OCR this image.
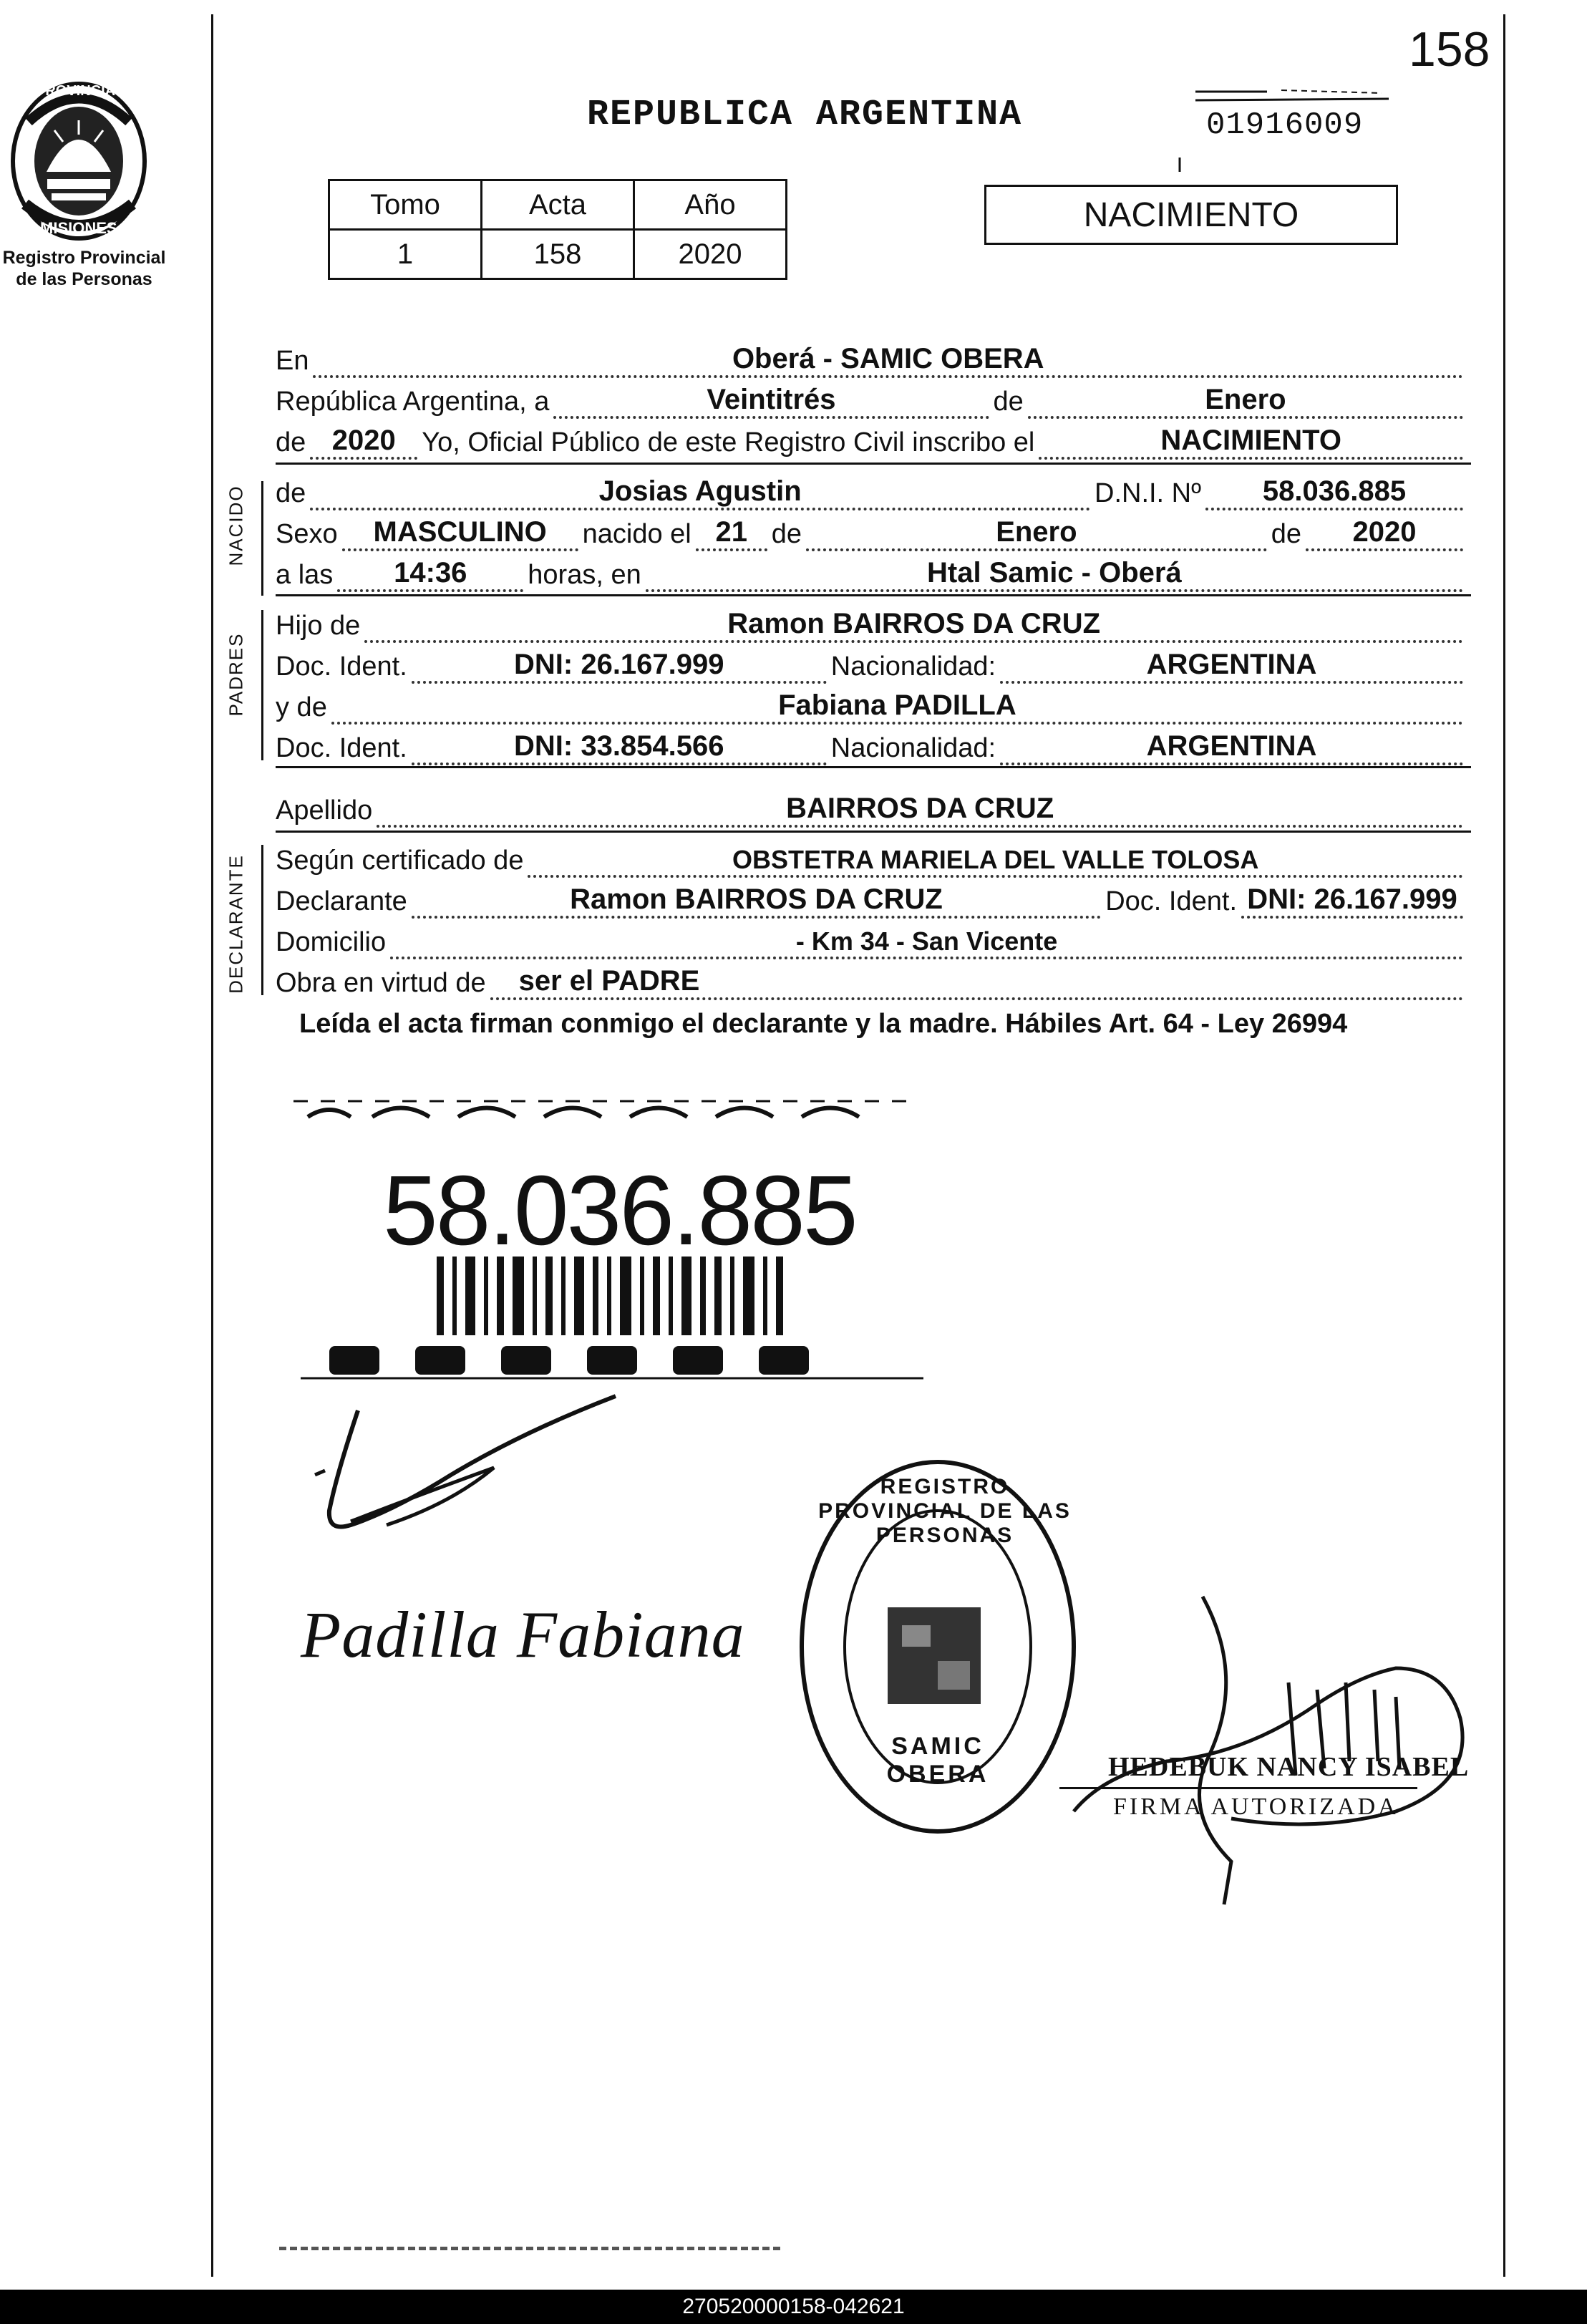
158
PROVINCIA DE
MISIONES
Registro Provincial
de las Personas
REPUBLICA ARGENTINA	01916009
Tomo	Acta	Año
1	158	2020
NACIMIENTO
En	Oberá - SAMIC OBERA
República Argentina, a	Veintitrés	de	Enero
de 2020 Yo, Oficial Público de este Registro Civil inscribo el	NACIMIENTO
NACIDO de	Josias Agustin	D.N.I. Nº	58.036.885
Sexo	MASCULINO	nacido el 21 de	Enero	de	2020
a las	14:36	horas, en	Htal Samic - Oberá
PADRES
Hijo de	Ramon BAIRROS DA CRUZ
Doc. Ident.	DNI: 26.167.999	Nacionalidad:	ARGENTINA
y de	Fabiana PADILLA
Doc. Ident.	DNI: 33.854.566	Nacionalidad:	ARGENTINA
Apellido	BAIRROS DA CRUZ
DECLARANTE Según certificado de	OBSTETRA MARIELA DEL VALLE TOLOSA
Declarante	Ramon BAIRROS DA CRUZ	Doc. Ident. DNI: 26.167.999
Domicilio	- Km 34 - San Vicente
Obra en virtud de	ser el PADRE
Leída el acta firman conmigo el declarante y la madre. Hábiles Art. 64 - Ley 26994
58.036.885
Padilla Fabiana
REGISTRO PROVINCIAL DE LAS PERSONAS
SAMIC OBERA	HEDEBUK NANCY ISABEL
FIRMA AUTORIZADA
270520000158-042621
